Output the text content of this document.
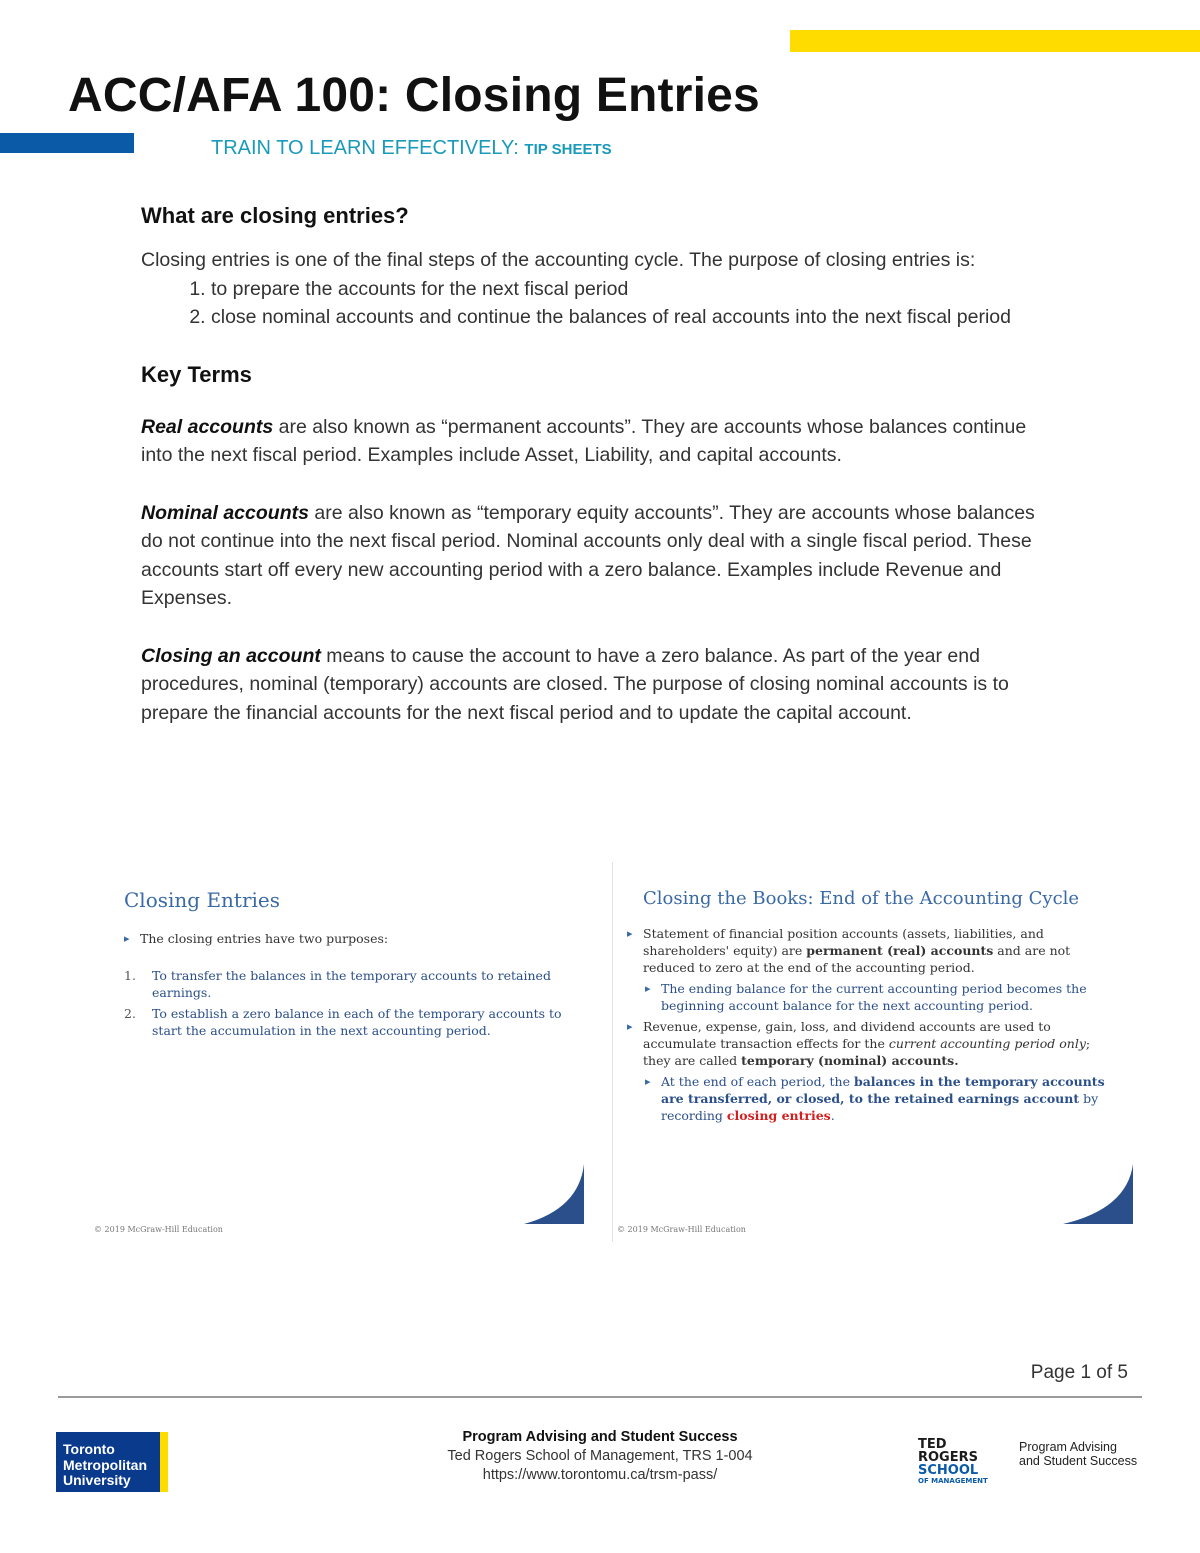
ACC/AFA 100: Closing Entries
TRAIN TO LEARN EFFECTIVELY: TIP SHEETS
What are closing entries?

Closing entries is one of the final steps of the accounting cycle. The purpose of closing entries is:

1. to prepare the accounts for the next fiscal period
2. close nominal accounts and continue the balances of real accounts into the next fiscal period
Key Terms

Real accounts are also known as “permanent accounts”. They are accounts whose balances continue into the next fiscal period. Examples include Asset, Liability, and capital accounts.

Nominal accounts are also known as “temporary equity accounts”. They are accounts whose balances do not continue into the next fiscal period. Nominal accounts only deal with a single fiscal period. These accounts start off every new accounting period with a zero balance. Examples include Revenue and Expenses.

Closing an account means to cause the account to have a zero balance. As part of the year end procedures, nominal (temporary) accounts are closed. The purpose of closing nominal accounts is to prepare the financial accounts for the next fiscal period and to update the capital account.

Closing Entries
▸ The closing entries have two purposes:
1. To transfer the balances in the temporary accounts to retained earnings.
2. To establish a zero balance in each of the temporary accounts to start the accumulation in the next accounting period.
© 2019 McGraw-Hill Education
Closing the Books: End of the Accounting Cycle
▸ Statement of financial position accounts (assets, liabilities, and shareholders' equity) are permanent (real) accounts and are not reduced to zero at the end of the accounting period.
▸ The ending balance for the current accounting period becomes the beginning account balance for the next accounting period.
▸ Revenue, expense, gain, loss, and dividend accounts are used to accumulate transaction effects for the current accounting period only; they are called temporary (nominal) accounts.
▸ At the end of each period, the balances in the temporary accounts are transferred, or closed, to the retained earnings account by recording closing entries.
© 2019 McGraw-Hill Education
Page 1 of 5
Toronto
Metropolitan
University
Program Advising and Student Success
Ted Rogers School of Management, TRS 1-004
https://www.torontomu.ca/trsm-pass/
TED
ROGERS
SCHOOL
OF MANAGEMENT
Program Advising
and Student Success
